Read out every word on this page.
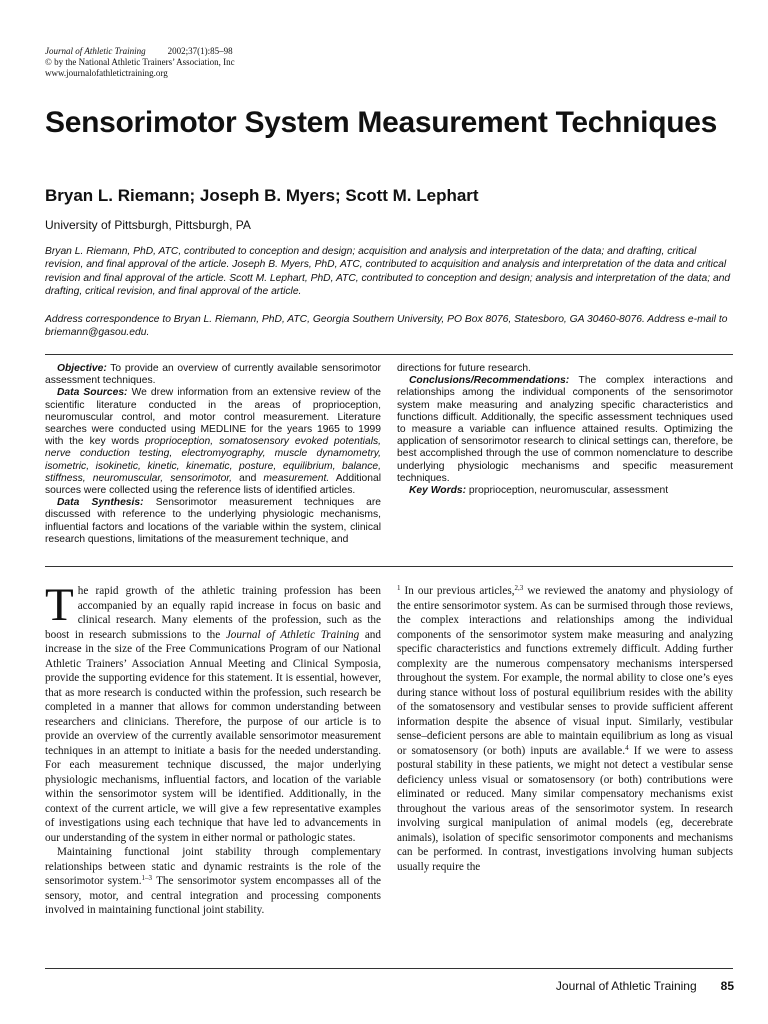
Journal of Athletic Training 2002;37(1):85–98
© by the National Athletic Trainers’ Association, Inc
www.journalofathletictraining.org
Sensorimotor System Measurement Techniques

Bryan L. Riemann; Joseph B. Myers; Scott M. Lephart

University of Pittsburgh, Pittsburgh, PA

Bryan L. Riemann, PhD, ATC, contributed to conception and design; acquisition and analysis and interpretation of the data; and drafting, critical revision, and final approval of the article. Joseph B. Myers, PhD, ATC, contributed to acquisition and analysis and interpretation of the data and critical revision and final approval of the article. Scott M. Lephart, PhD, ATC, contributed to conception and design; analysis and interpretation of the data; and drafting, critical revision, and final approval of the article.

Address correspondence to Bryan L. Riemann, PhD, ATC, Georgia Southern University, PO Box 8076, Statesboro, GA 30460-8076. Address e-mail to briemann@gasou.edu.

Objective: To provide an overview of currently available sensorimotor assessment techniques.

Data Sources: We drew information from an extensive review of the scientific literature conducted in the areas of proprioception, neuromuscular control, and motor control measurement. Literature searches were conducted using MEDLINE for the years 1965 to 1999 with the key words proprioception, somatosensory evoked potentials, nerve conduction testing, electromyography, muscle dynamometry, isometric, isokinetic, kinetic, kinematic, posture, equilibrium, balance, stiffness, neuromuscular, sensorimotor, and measurement. Additional sources were collected using the reference lists of identified articles.

Data Synthesis: Sensorimotor measurement techniques are discussed with reference to the underlying physiologic mechanisms, influential factors and locations of the variable within the system, clinical research questions, limitations of the measurement technique, and

directions for future research.

Conclusions/Recommendations: The complex interactions and relationships among the individual components of the sensorimotor system make measuring and analyzing specific characteristics and functions difficult. Additionally, the specific assessment techniques used to measure a variable can influence attained results. Optimizing the application of sensorimotor research to clinical settings can, therefore, be best accomplished through the use of common nomenclature to describe underlying physiologic mechanisms and specific measurement techniques.

Key Words: proprioception, neuromuscular, assessment

The rapid growth of the athletic training profession has been accompanied by an equally rapid increase in focus on basic and clinical research. Many elements of the profession, such as the boost in research submissions to the Journal of Athletic Training and increase in the size of the Free Communications Program of our National Athletic Trainers’ Association Annual Meeting and Clinical Symposia, provide the supporting evidence for this statement. It is essential, however, that as more research is conducted within the profession, such research be completed in a manner that allows for common understanding between researchers and clinicians. Therefore, the purpose of our article is to provide an overview of the currently available sensorimotor measurement techniques in an attempt to initiate a basis for the needed understanding. For each measurement technique discussed, the major underlying physiologic mechanisms, influential factors, and location of the variable within the sensorimotor system will be identified. Additionally, in the context of the current article, we will give a few representative examples of investigations using each technique that have led to advancements in our understanding of the system in either normal or pathologic states.

Maintaining functional joint stability through complementary relationships between static and dynamic restraints is the role of the sensorimotor system.$^{1-3}$ The sensorimotor system encompasses all of the sensory, motor, and central integration and processing components involved in maintaining functional joint stability.

$^1$ In our previous articles,$^{2,3}$ we reviewed the anatomy and physiology of the entire sensorimotor system. As can be surmised through those reviews, the complex interactions and relationships among the individual components of the sensorimotor system make measuring and analyzing specific characteristics and functions extremely difficult. Adding further complexity are the numerous compensatory mechanisms interspersed throughout the system. For example, the normal ability to close one’s eyes during stance without loss of postural equilibrium resides with the ability of the somatosensory and vestibular senses to provide sufficient afferent information despite the absence of visual input. Similarly, vestibular sense–deficient persons are able to maintain equilibrium as long as visual or somatosensory (or both) inputs are available.$^4$ If we were to assess postural stability in these patients, we might not detect a vestibular sense deficiency unless visual or somatosensory (or both) contributions were eliminated or reduced. Many similar compensatory mechanisms exist throughout the various areas of the sensorimotor system. In research involving surgical manipulation of animal models (eg, decerebrate animals), isolation of specific sensorimotor components and mechanisms can be performed. In contrast, investigations involving human subjects usually require the

Journal of Athletic Training 85
